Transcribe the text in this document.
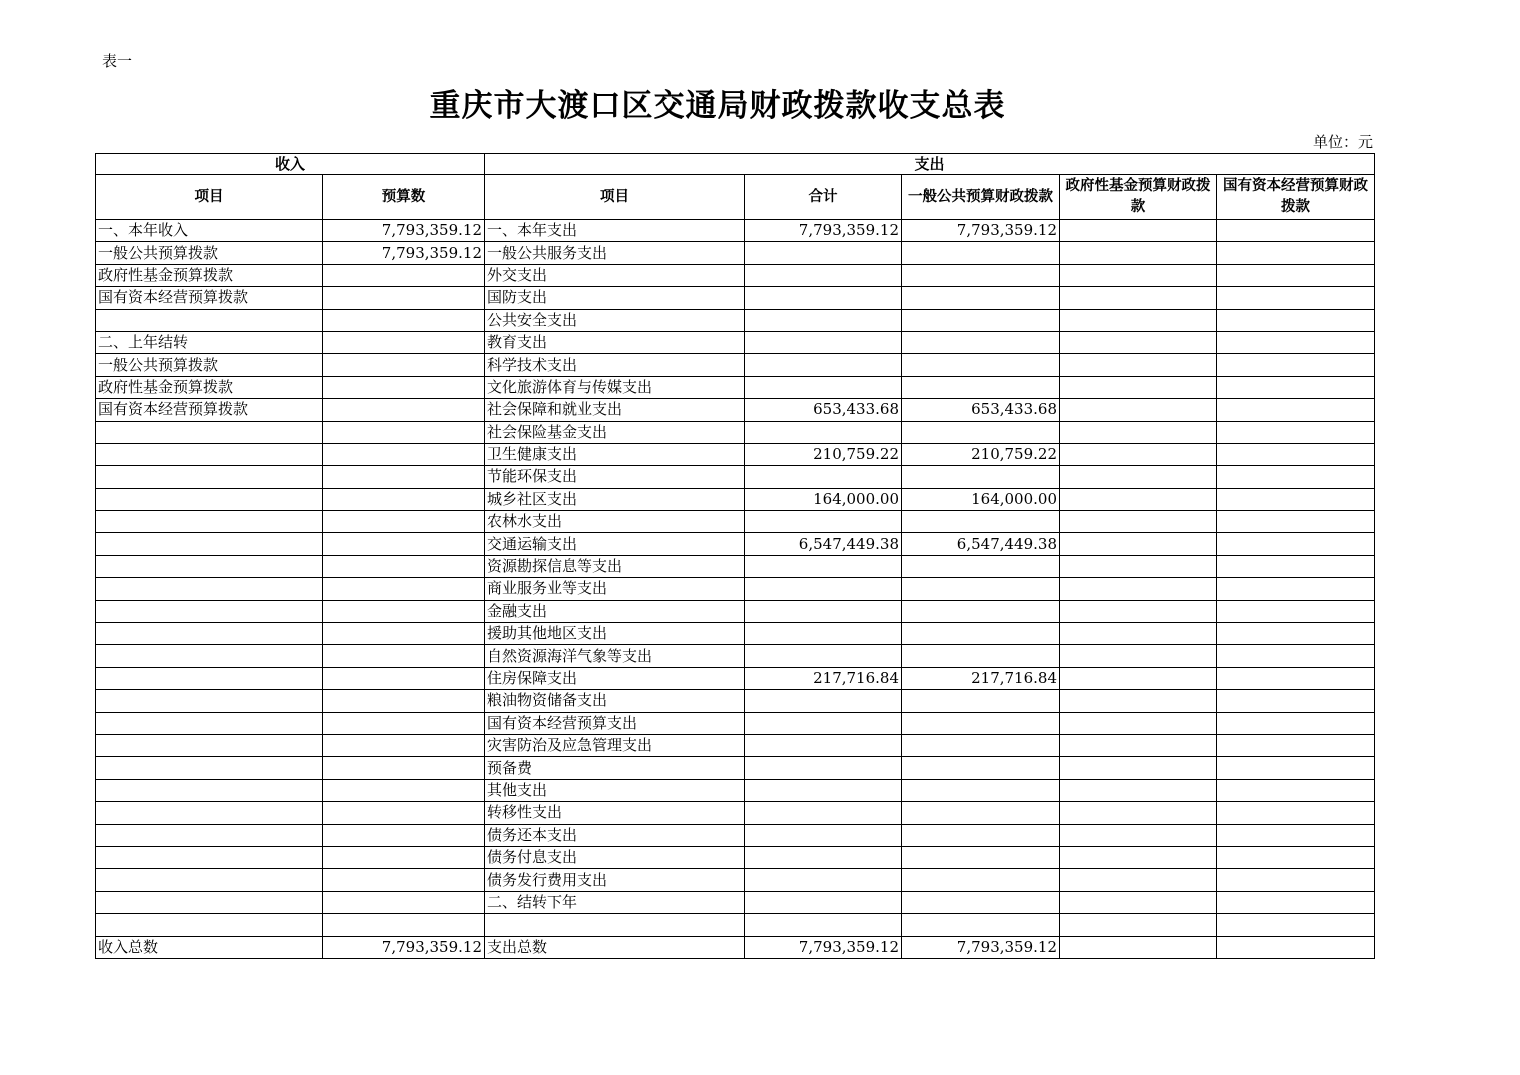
表一
重庆市大渡口区交通局财政拨款收支总表
单位：元
收入		支出				
项目	预算数	项目	合计	一般公共预算财政拨款	政府性基金预算财政拨款	国有资本经营预算财政拨款
一、本年收入	7,793,359.12	一、本年支出	7,793,359.12	7,793,359.12		
一般公共预算拨款	7,793,359.12	一般公共服务支出				
政府性基金预算拨款		外交支出				
国有资本经营预算拨款		国防支出				
		公共安全支出				
二、上年结转		教育支出				
一般公共预算拨款		科学技术支出				
政府性基金预算拨款		文化旅游体育与传媒支出				
国有资本经营预算拨款		社会保障和就业支出	653,433.68	653,433.68		
		社会保险基金支出				
		卫生健康支出	210,759.22	210,759.22		
		节能环保支出				
		城乡社区支出	164,000.00	164,000.00		
		农林水支出				
		交通运输支出	6,547,449.38	6,547,449.38		
		资源勘探信息等支出				
		商业服务业等支出				
		金融支出				
		援助其他地区支出				
		自然资源海洋气象等支出				
		住房保障支出	217,716.84	217,716.84		
		粮油物资储备支出				
		国有资本经营预算支出				
		灾害防治及应急管理支出				
		预备费				
		其他支出				
		转移性支出				
		债务还本支出				
		债务付息支出				
		债务发行费用支出				
		二、结转下年				

收入总数	7,793,359.12	支出总数	7,793,359.12	7,793,359.12		
